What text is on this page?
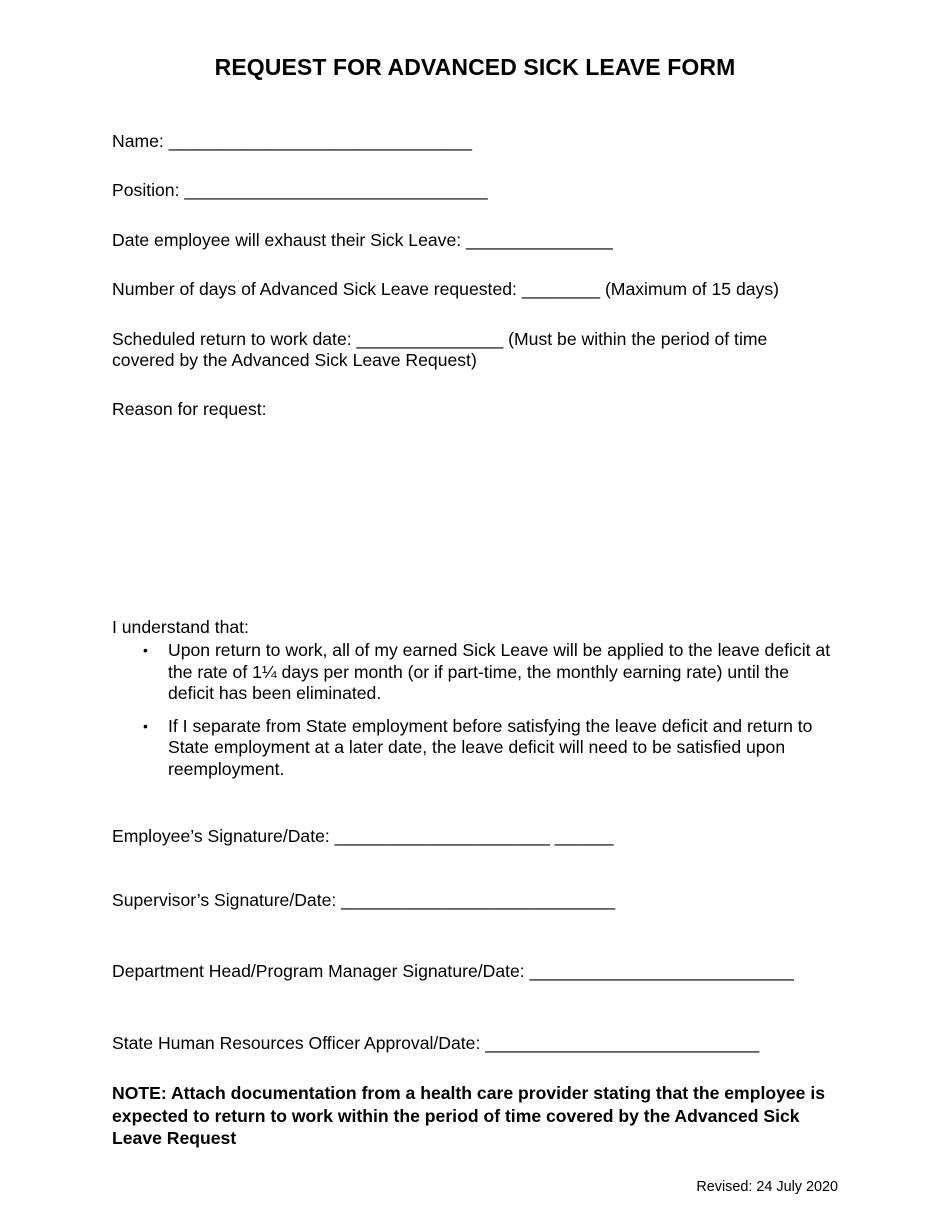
REQUEST FOR ADVANCED SICK LEAVE FORM

Name: _______________________________

Position: _______________________________

Date employee will exhaust their Sick Leave: _______________

Number of days of Advanced Sick Leave requested: ________ (Maximum of 15 days)

Scheduled return to work date: _______________ (Must be within the period of time covered by the Advanced Sick Leave Request)

Reason for request:

I understand that:

• Upon return to work, all of my earned Sick Leave will be applied to the leave deficit at the rate of 1¼ days per month (or if part-time, the monthly earning rate) until the deficit has been eliminated.
• If I separate from State employment before satisfying the leave deficit and return to State employment at a later date, the leave deficit will need to be satisfied upon reemployment.

Employee’s Signature/Date: ______________________ ______

Supervisor’s Signature/Date: ____________________________

Department Head/Program Manager Signature/Date: ___________________________

State Human Resources Officer Approval/Date: ____________________________

NOTE: Attach documentation from a health care provider stating that the employee is expected to return to work within the period of time covered by the Advanced Sick Leave Request

Revised: 24 July 2020
